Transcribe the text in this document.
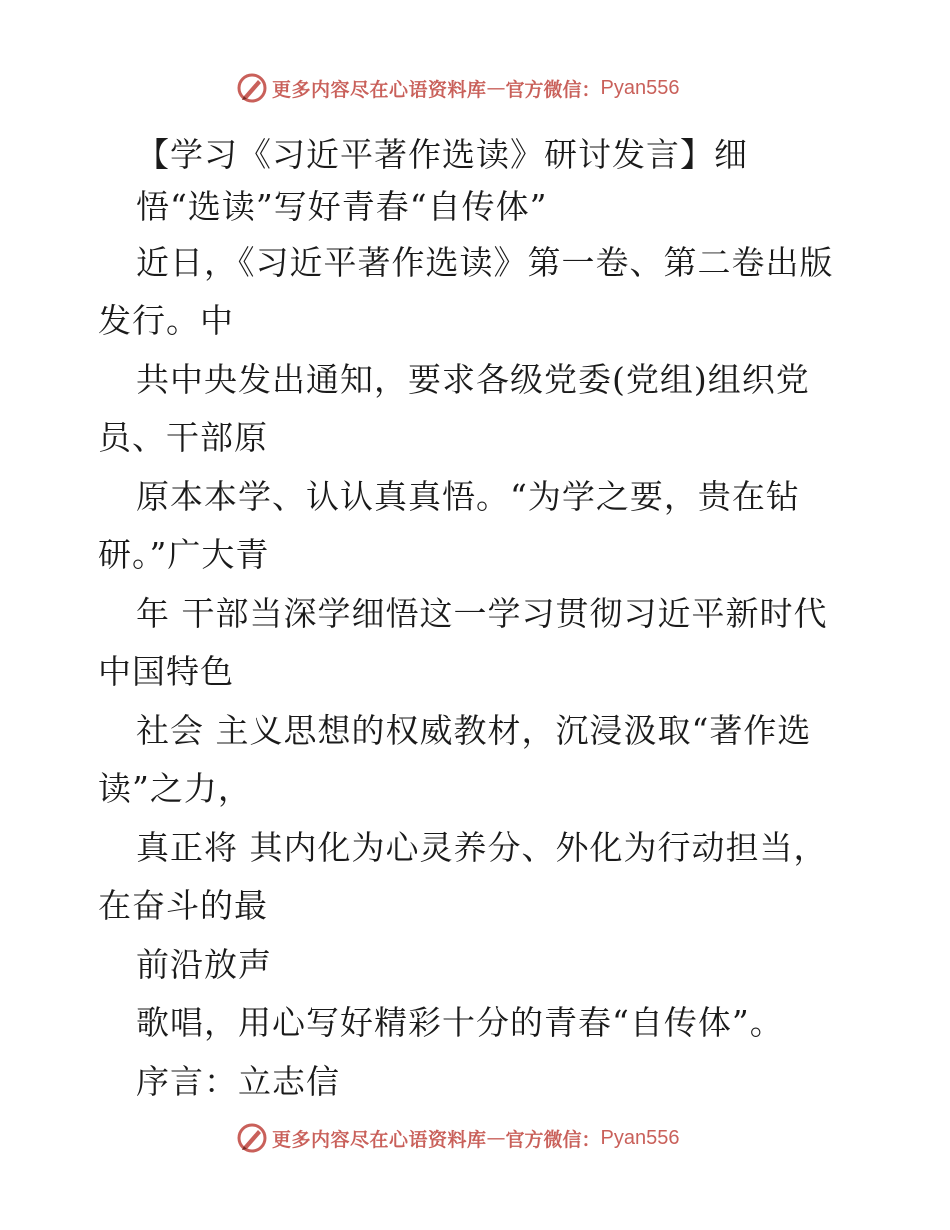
更多内容尽在心语资料库 — 官方微信： Pyan556
【学习《习近平著作选读》研讨发言】细
悟“选读”写好青春“自传体”
近日，《习近平著作选读》第一卷、第二卷出版
发行。中
共中央发出通知，要求各级党委(党组)组织党
员、干部原
原本本学、认认真真悟。“为学之要，贵在钻
研。”广大青
年 干部当深学细悟这一学习贯彻习近平新时代
中国特色
社会 主义思想的权威教材，沉浸汲取“著作选
读”之力，
真正将 其内化为心灵养分、外化为行动担当，
在奋斗的最
前沿放声
歌唱，用心写好精彩十分的青春“自传体”。
序言：立志信
更多内容尽在心语资料库 — 官方微信： Pyan556
